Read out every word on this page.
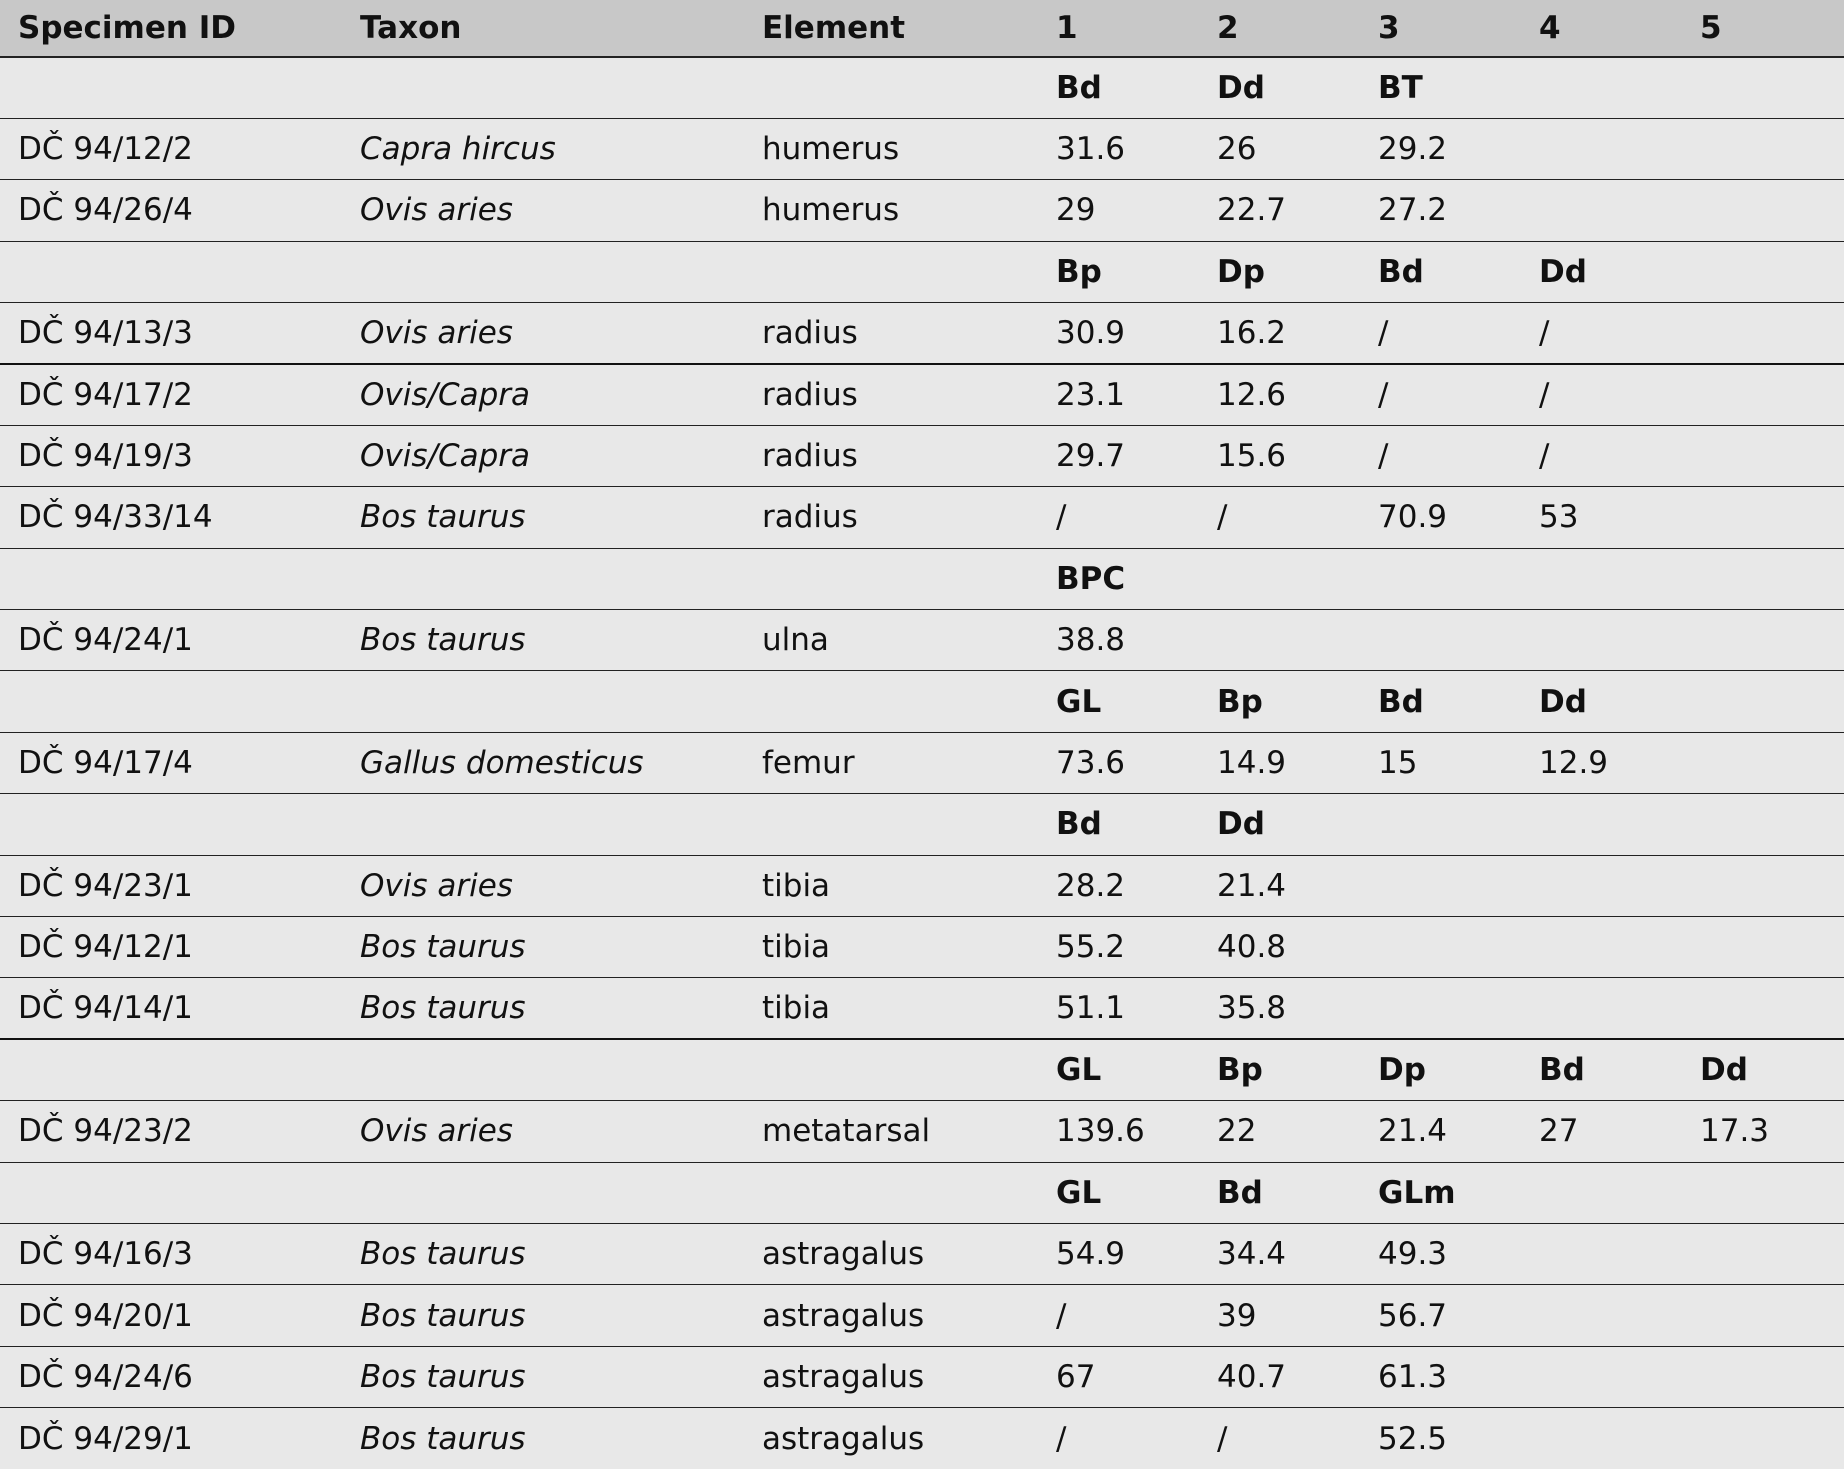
Specimen ID	Taxon	Element	1	2	3	4	5
			Bd	Dd	BT		
DČ 94/12/2	Capra hircus	humerus	31.6	26	29.2		
DČ 94/26/4	Ovis aries	humerus	29	22.7	27.2		
			Bp	Dp	Bd	Dd	
DČ 94/13/3	Ovis aries	radius	30.9	16.2	/	/	
DČ 94/17/2	Ovis/Capra	radius	23.1	12.6	/	/	
DČ 94/19/3	Ovis/Capra	radius	29.7	15.6	/	/	
DČ 94/33/14	Bos taurus	radius	/	/	70.9	53	
			BPC				
DČ 94/24/1	Bos taurus	ulna	38.8				
			GL	Bp	Bd	Dd	
DČ 94/17/4	Gallus domesticus	femur	73.6	14.9	15	12.9	
			Bd	Dd			
DČ 94/23/1	Ovis aries	tibia	28.2	21.4			
DČ 94/12/1	Bos taurus	tibia	55.2	40.8			
DČ 94/14/1	Bos taurus	tibia	51.1	35.8			
			GL	Bp	Dp	Bd	Dd
DČ 94/23/2	Ovis aries	metatarsal	139.6	22	21.4	27	17.3
			GL	Bd	GLm		
DČ 94/16/3	Bos taurus	astragalus	54.9	34.4	49.3		
DČ 94/20/1	Bos taurus	astragalus	/	39	56.7		
DČ 94/24/6	Bos taurus	astragalus	67	40.7	61.3		
DČ 94/29/1	Bos taurus	astragalus	/	/	52.5		
